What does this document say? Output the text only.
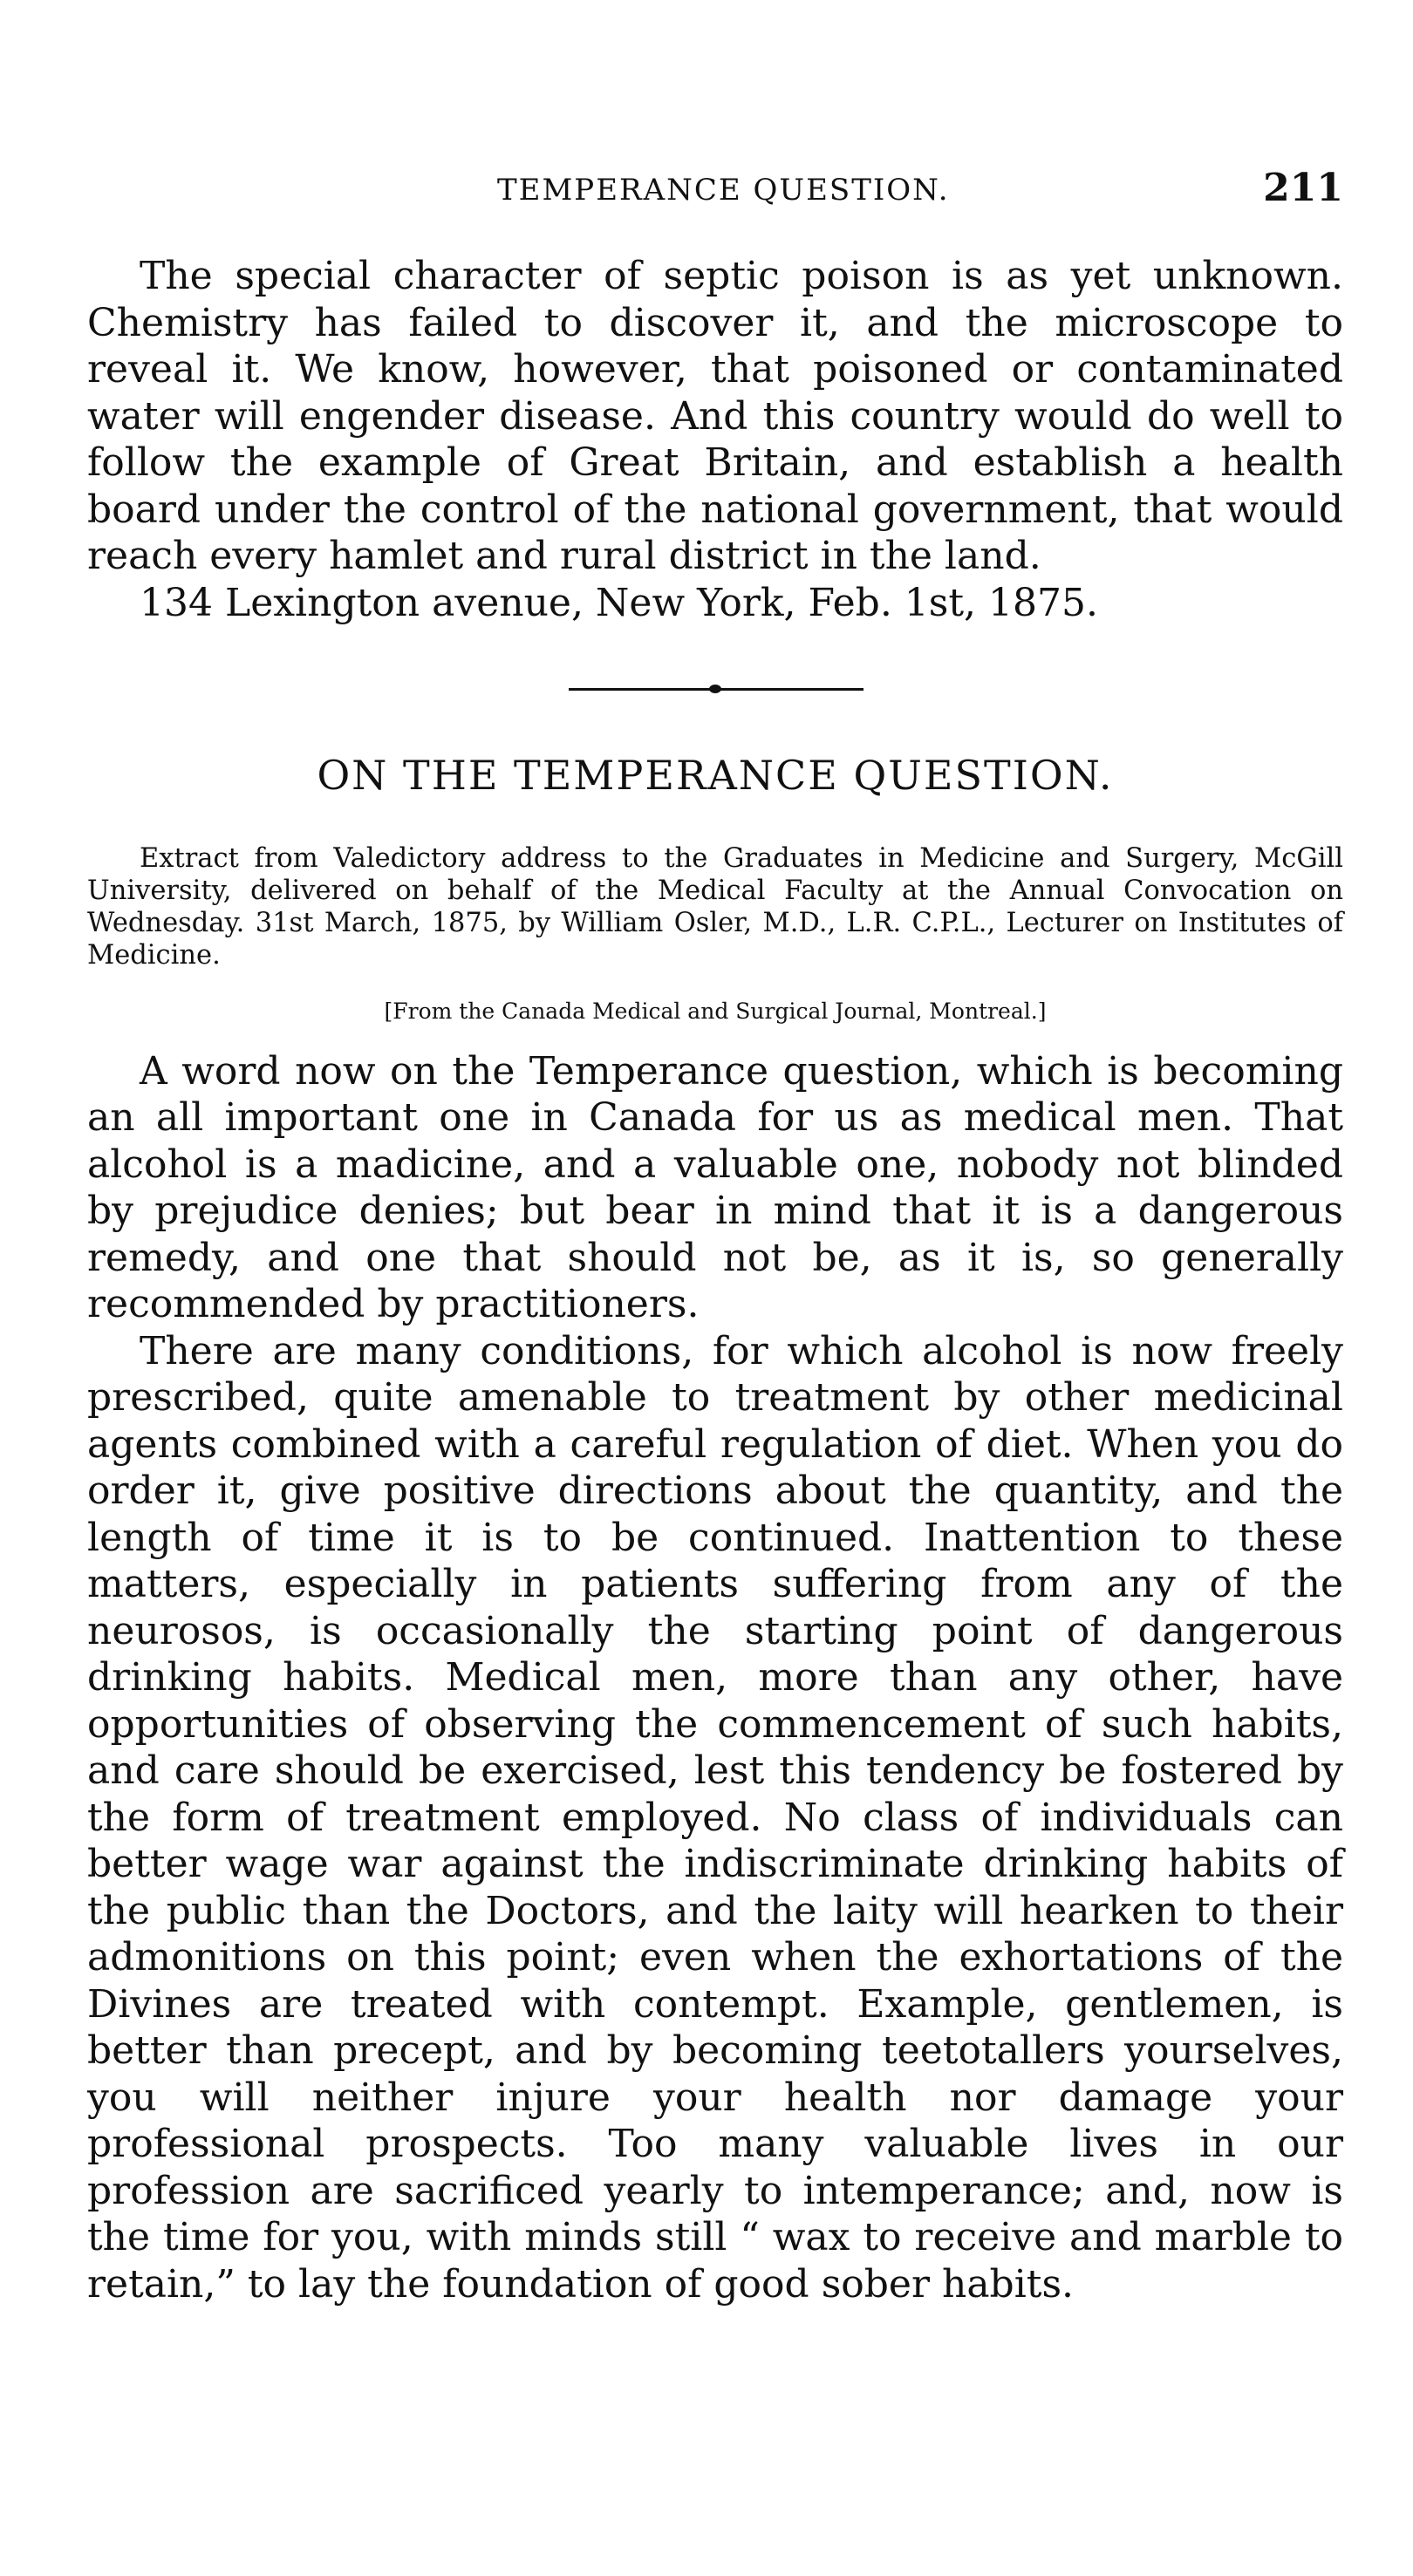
TEMPERANCE QUESTION.	211

The special character of septic poison is as yet unknown. Chemistry has failed to discover it, and the microscope to reveal it. We know, however, that poisoned or contaminated water will engender disease. And this country would do well to follow the example of Great Britain, and establish a health board under the control of the national government, that would reach every hamlet and rural district in the land.

134 Lexington avenue, New York, Feb. 1st, 1875.

ON THE TEMPERANCE QUESTION.

Extract from Valedictory address to the Graduates in Medicine and Surgery, McGill University, delivered on behalf of the Medical Faculty at the Annual Convocation on Wednesday. 31st March, 1875, by William Osler, M.D., L.R. C.P.L., Lecturer on Institutes of Medicine.

[From the Canada Medical and Surgical Journal, Montreal.]

A word now on the Temperance question, which is becoming an all important one in Canada for us as medical men. That alcohol is a madicine, and a valuable one, nobody not blinded by prejudice denies; but bear in mind that it is a dangerous remedy, and one that should not be, as it is, so generally recommended by practitioners.

There are many conditions, for which alcohol is now freely prescribed, quite amenable to treatment by other medicinal agents combined with a careful regulation of diet. When you do order it, give positive directions about the quantity, and the length of time it is to be continued. Inattention to these matters, especially in patients suffering from any of the neurosos, is occasionally the starting point of dangerous drinking habits. Medical men, more than any other, have opportunities of observing the commencement of such habits, and care should be exercised, lest this tendency be fostered by the form of treatment employed. No class of individuals can better wage war against the indiscriminate drinking habits of the public than the Doctors, and the laity will hearken to their admonitions on this point; even when the exhortations of the Divines are treated with contempt. Example, gentlemen, is better than precept, and by becoming teetotallers yourselves, you will neither injure your health nor damage your professional prospects. Too many valuable lives in our profession are sacrificed yearly to intemperance; and, now is the time for you, with minds still “ wax to receive and marble to retain,” to lay the foundation of good sober habits.
